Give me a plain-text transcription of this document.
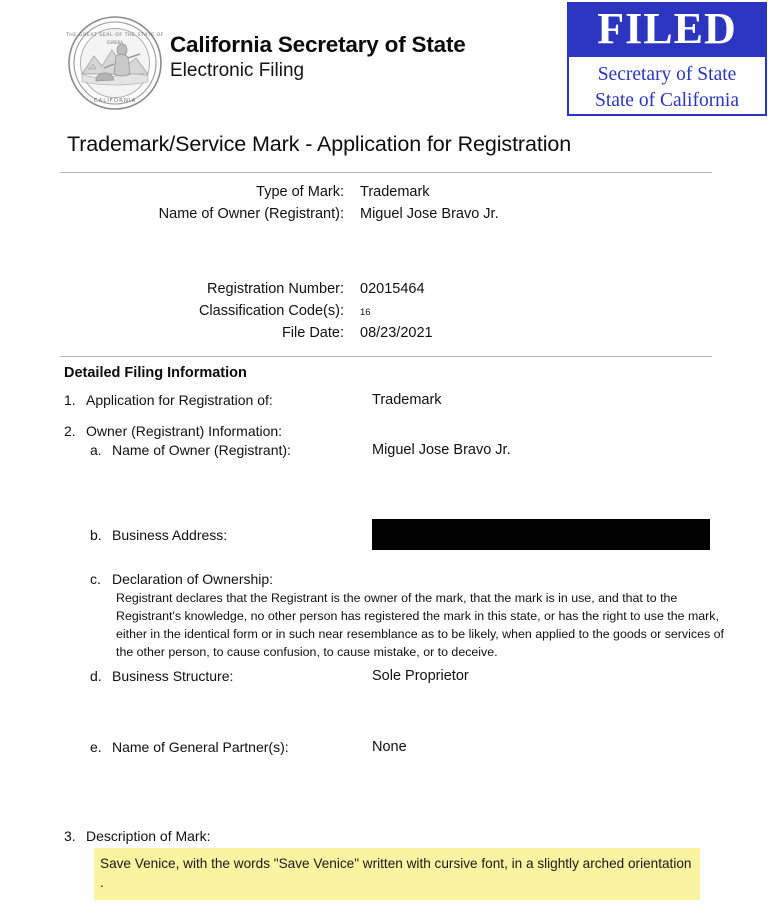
THE GREAT SEAL OF THE STATE OF
EUREKA
CALIFORNIA
California Secretary of State
Electronic Filing
FILED
Secretary of State
State of California
Trademark/Service Mark - Application for Registration
Type of Mark:	Trademark
Name of Owner (Registrant):	Miguel Jose Bravo Jr.
Registration Number:	02015464
Classification Code(s):	16
File Date:	08/23/2021
Detailed Filing Information
1. Application for Registration of:	Trademark
2. Owner (Registrant) Information:
a. Name of Owner (Registrant):	Miguel Jose Bravo Jr.
b. Business Address:
c. Declaration of Ownership:
Registrant declares that the Registrant is the owner of the mark, that the mark is in use, and that to the Registrant's knowledge, no other person has registered the mark in this state, or has the right to use the mark, either in the identical form or in such near resemblance as to be likely, when applied to the goods or services of the other person, to cause confusion, to cause mistake, or to deceive.
d. Business Structure:	Sole Proprietor
e. Name of General Partner(s):	None
3. Description of Mark:
Save Venice, with the words "Save Venice" written with cursive font, in a slightly arched orientation .
